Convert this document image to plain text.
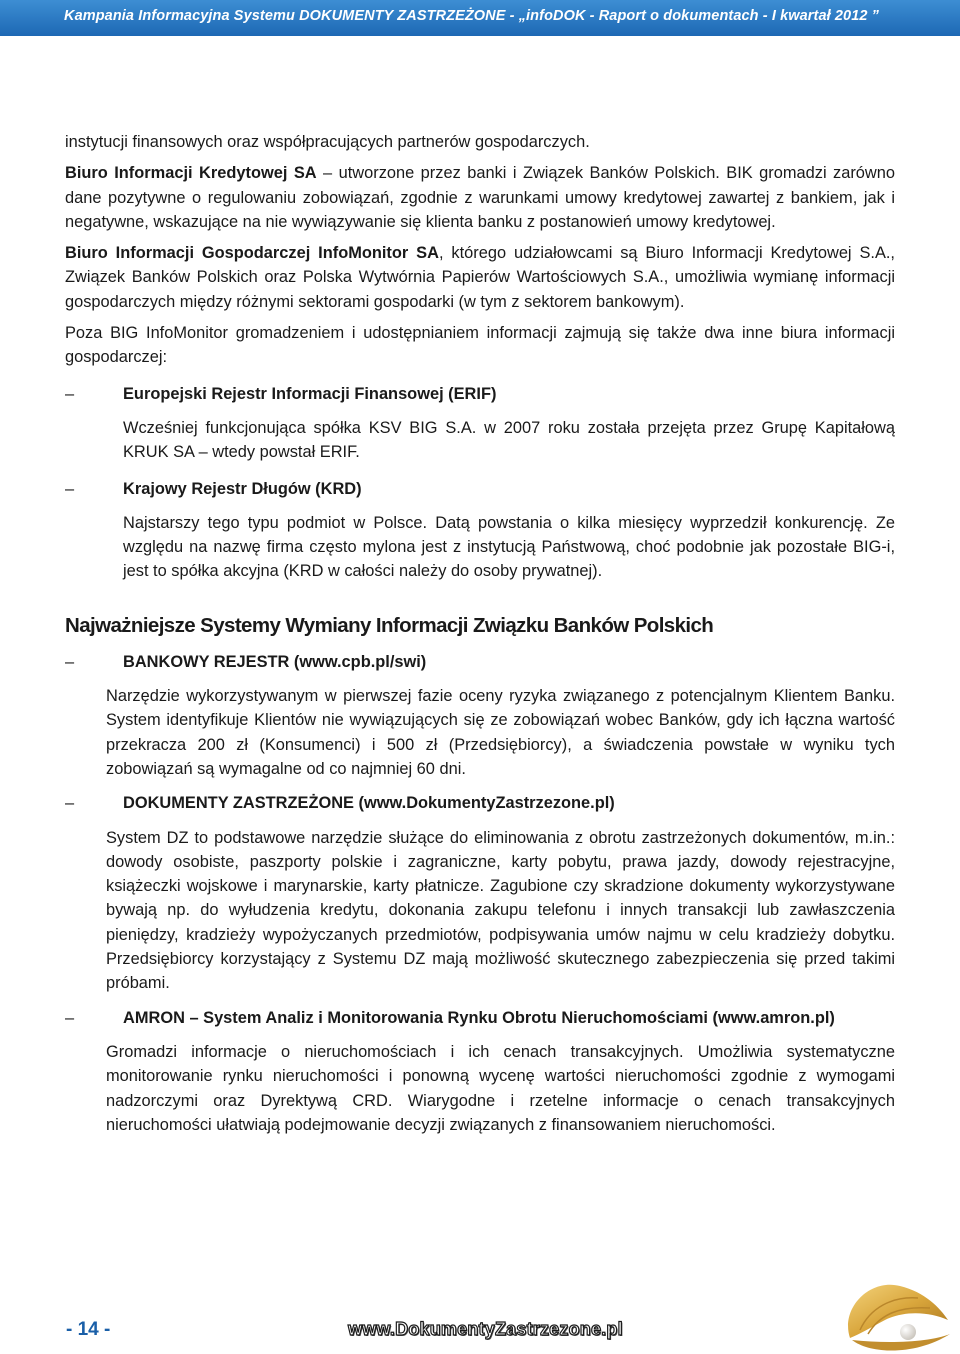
Kampania Informacyjna Systemu DOKUMENTY ZASTRZEŻONE - „infoDOK - Raport o dokumentach - I kwartał 2012 ”

instytucji finansowych oraz współpracujących partnerów gospodarczych.

Biuro Informacji Kredytowej SA – utworzone przez banki i Związek Banków Polskich. BIK gromadzi zarówno dane pozytywne o regulowaniu zobowiązań, zgodnie z warunkami umowy kredytowej zawartej z bankiem, jak i negatywne, wskazujące na nie wywiązywanie się klienta banku z postanowień umowy kredytowej.

Biuro Informacji Gospodarczej InfoMonitor SA, którego udziałowcami są Biuro Informacji Kredytowej S.A., Związek Banków Polskich oraz Polska Wytwórnia Papierów Wartościowych S.A., umożliwia wymianę informacji gospodarczych między różnymi sektorami gospodarki (w tym z sektorem bankowym).

Poza BIG InfoMonitor gromadzeniem i udostępnianiem informacji zajmują się także dwa inne biura informacji gospodarczej:

–	Europejski Rejestr Informacji Finansowej (ERIF)

Wcześniej funkcjonująca spółka KSV BIG S.A. w 2007 roku została przejęta przez Grupę Kapitałową KRUK SA – wtedy powstał ERIF.

–	Krajowy Rejestr Długów (KRD)

Najstarszy tego typu podmiot w Polsce. Datą powstania o kilka miesięcy wyprzedził konkurencję. Ze względu na nazwę firma często mylona jest z instytucją Państwową, choć podobnie jak pozostałe BIG-i, jest to spółka akcyjna (KRD w całości należy do osoby prywatnej).

Najważniejsze Systemy Wymiany Informacji Związku Banków Polskich
–	BANKOWY REJESTR (www.cpb.pl/swi)

Narzędzie wykorzystywanym w pierwszej fazie oceny ryzyka związanego z potencjalnym Klientem Banku. System identyfikuje Klientów nie wywiązujących się ze zobowiązań wobec Banków, gdy ich łączna wartość przekracza 200 zł (Konsumenci) i 500 zł (Przedsiębiorcy), a świadczenia powstałe w wyniku tych zobowiązań są wymagalne od co najmniej 60 dni.

–	DOKUMENTY ZASTRZEŻONE (www.DokumentyZastrzezone.pl)

System DZ to podstawowe narzędzie służące do eliminowania z obrotu zastrzeżonych dokumentów, m.in.: dowody osobiste, paszporty polskie i zagraniczne, karty pobytu, prawa jazdy, dowody rejestracyjne, książeczki wojskowe i marynarskie, karty płatnicze. Zagubione czy skradzione dokumenty wykorzystywane bywają np. do wyłudzenia kredytu, dokonania zakupu telefonu i innych transakcji lub zawłaszczenia pieniędzy, kradzieży wypożyczanych przedmiotów, podpisywania umów najmu w celu kradzieży dobytku. Przedsiębiorcy korzystający z Systemu DZ mają możliwość skutecznego zabezpieczenia się przed takimi próbami.

–	AMRON – System Analiz i Monitorowania Rynku Obrotu Nieruchomościami (www.amron.pl)

Gromadzi informacje o nieruchomościach i ich cenach transakcyjnych. Umożliwia systematyczne monitorowanie rynku nieruchomości i ponowną wycenę wartości nieruchomości zgodnie z wymogami nadzorczymi oraz Dyrektywą CRD. Wiarygodne i rzetelne informacje o cenach transakcyjnych nieruchomości ułatwiają podejmowanie decyzji związanych z finansowaniem nieruchomości.

- 14 -	www.DokumentyZastrzezone.pl
